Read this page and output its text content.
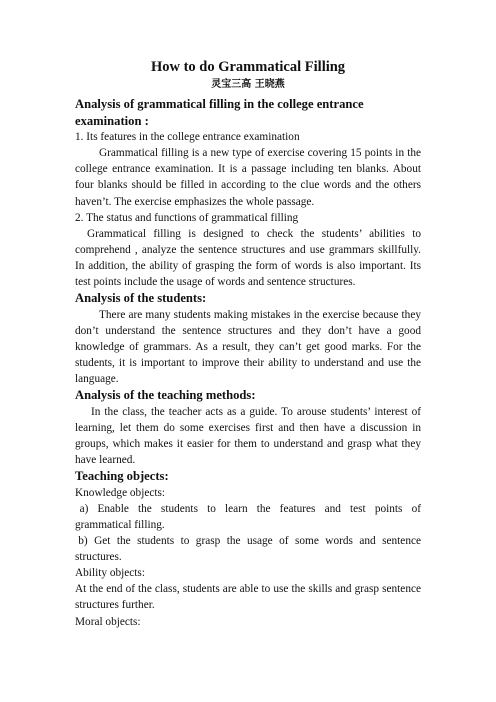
How to do Grammatical Filling
灵宝三高 王晓燕
Analysis of grammatical filling in the college entrance examination :

1. Its features in the college entrance examination

Grammatical filling is a new type of exercise covering 15 points in the college entrance examination. It is a passage including ten blanks. About four blanks should be filled in according to the clue words and the others haven’t. The exercise emphasizes the whole passage.

2. The status and functions of grammatical filling

Grammatical filling is designed to check the students’ abilities to comprehend , analyze the sentence structures and use grammars skillfully. In addition, the ability of grasping the form of words is also important. Its test points include the usage of words and sentence structures.

Analysis of the students:

There are many students making mistakes in the exercise because they don’t understand the sentence structures and they don’t have a good knowledge of grammars. As a result, they can’t get good marks. For the students, it is important to improve their ability to understand and use the language.

Analysis of the teaching methods:

In the class, the teacher acts as a guide. To arouse students’ interest of learning, let them do some exercises first and then have a discussion in groups, which makes it easier for them to understand and grasp what they have learned.

Teaching objects:

Knowledge objects:

a)  Enable  the  students  to  learn  the  features  and  test  points  of grammatical filling.

b)  Get  the  students  to  grasp  the  usage  of  some  words  and  sentence structures.

Ability objects:

At the end of the class, students are able to use the skills and grasp sentence structures further.

Moral objects:
